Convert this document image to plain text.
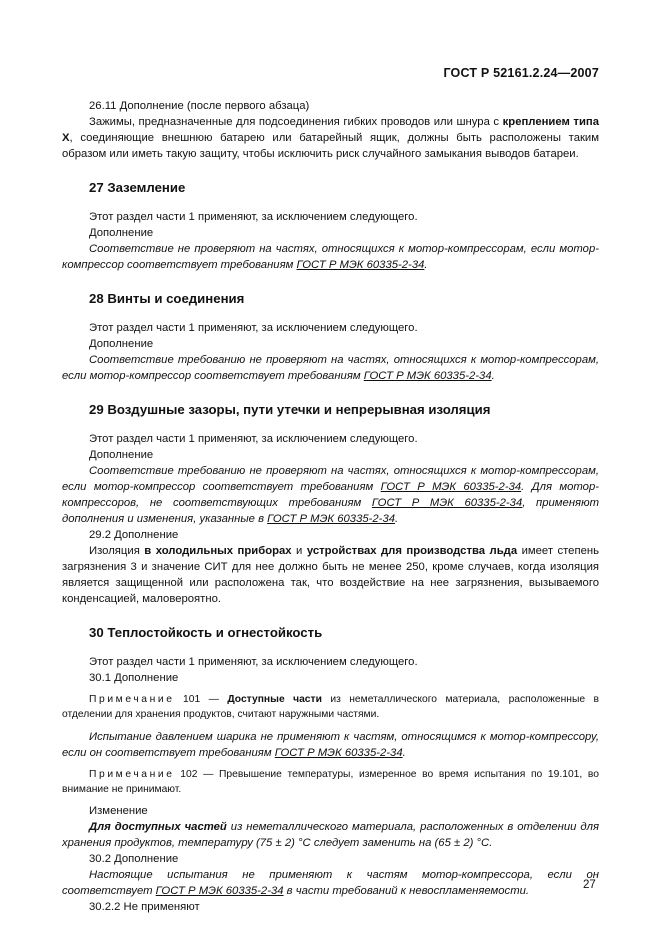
ГОСТ Р 52161.2.24—2007

26.11 Дополнение (после первого абзаца)

Зажимы, предназначенные для подсоединения гибких проводов или шнура с креплением типа X, соединяющие внешнюю батарею или батарейный ящик, должны быть расположены таким образом или иметь такую защиту, чтобы исключить риск случайного замыкания выводов батареи.

27 Заземление

Этот раздел части 1 применяют, за исключением следующего.

Дополнение

Соответствие не проверяют на частях, относящихся к мотор-компрессорам, если мотор-компрессор соответствует требованиям ГОСТ Р МЭК 60335-2-34.

28 Винты и соединения

Этот раздел части 1 применяют, за исключением следующего.

Дополнение

Соответствие требованию не проверяют на частях, относящихся к мотор-компрессорам, если мотор-компрессор соответствует требованиям ГОСТ Р МЭК 60335-2-34.

29 Воздушные зазоры, пути утечки и непрерывная изоляция

Этот раздел части 1 применяют, за исключением следующего.

Дополнение

Соответствие требованию не проверяют на частях, относящихся к мотор-компрессорам, если мотор-компрессор соответствует требованиям ГОСТ Р МЭК 60335-2-34. Для мотор-компрессоров, не соответствующих требованиям ГОСТ Р МЭК 60335-2-34, применяют дополнения и изменения, указанные в ГОСТ Р МЭК 60335-2-34.

29.2 Дополнение

Изоляция в холодильных приборах и устройствах для производства льда имеет степень загрязнения 3 и значение СИТ для нее должно быть не менее 250, кроме случаев, когда изоляция является защищенной или расположена так, что воздействие на нее загрязнения, вызываемого конденсацией, маловероятно.

30 Теплостойкость и огнестойкость

Этот раздел части 1 применяют, за исключением следующего.

30.1 Дополнение

Примечание 101 — Доступные части из неметаллического материала, расположенные в отделении для хранения продуктов, считают наружными частями.

Испытание давлением шарика не применяют к частям, относящимся к мотор-компрессору, если он соответствует требованиям ГОСТ Р МЭК 60335-2-34.

Примечание 102 — Превышение температуры, измеренное во время испытания по 19.101, во внимание не принимают.

Изменение

Для доступных частей из неметаллического материала, расположенных в отделении для хранения продуктов, температуру (75 ± 2) °С следует заменить на (65 ± 2) °С.

30.2 Дополнение

Настоящие испытания не применяют к частям мотор-компрессора, если он соответствует ГОСТ Р МЭК 60335-2-34 в части требований к невоспламеняемости.

30.2.2 Не применяют

27
